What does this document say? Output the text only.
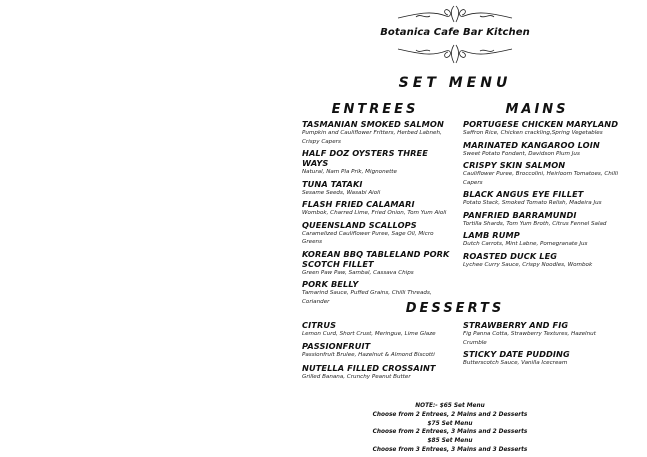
Botanica Cafe Bar Kitchen
SET MENU
ENTREES
TASMANIAN SMOKED SALMON
Pumpkin and Cauliflower Fritters, Herbed Labneh, Crispy Capers
HALF DOZ OYSTERS THREE WAYS
Natural, Nam Pla Prik, Mignonette
TUNA TATAKI
Sesame Seeds, Wasabi Aioli
FLASH FRIED CALAMARI
Wombok, Charred Lime, Fried Onion, Tom Yum Aioli
QUEENSLAND SCALLOPS
Caramelized Cauliflower Puree, Sage Oil, Micro Greens
KOREAN BBQ TABLELAND PORK SCOTCH FILLET
Green Paw Paw, Sambal, Cassava Chips
PORK BELLY
Tamarind Sauce, Puffed Grains, Chilli Threads, Coriander
MAINS
PORTUGESE CHICKEN MARYLAND
Saffron Rice, Chicken crackling,Spring Vegetables
MARINATED KANGAROO LOIN
Sweet Potato Fondant, Davidson Plum Jus
CRISPY SKIN SALMON
Cauliflower Puree, Broccolini, Heirloom Tomatoes, Chilli Capers
BLACK ANGUS EYE FILLET
Potato Stack, Smoked Tomato Relish, Madeira Jus
PANFRIED BARRAMUNDI
Tortilla Shards, Tom Yum Broth, Citrus Fennel Salad
LAMB RUMP
Dutch Carrots, Mint Labne, Pomegranate Jus
ROASTED DUCK LEG
Lychee Curry Sauce, Crispy Noodles, Wombok
DESSERTS
CITRUS
Lemon Curd, Short Crust, Meringue, Lime Glaze
PASSIONFRUIT
Passionfruit Brulee, Hazelnut & Almond Biscotti
NUTELLA FILLED CROSSAINT
Grilled Banana, Crunchy Peanut Butter
STRAWBERRY AND FIG
Fig Panna Cotta, Strawberry Textures, Hazelnut Crumble
STICKY DATE PUDDING
Butterscotch Sauce, Vanilla Icecream
NOTE:- $65 Set Menu
Choose from 2 Entrees, 2 Mains and 2 Desserts
$75 Set Menu
Choose from 2 Entrees, 3 Mains and 2 Desserts
$85 Set Menu
Choose from 3 Entrees, 3 Mains and 3 Desserts
